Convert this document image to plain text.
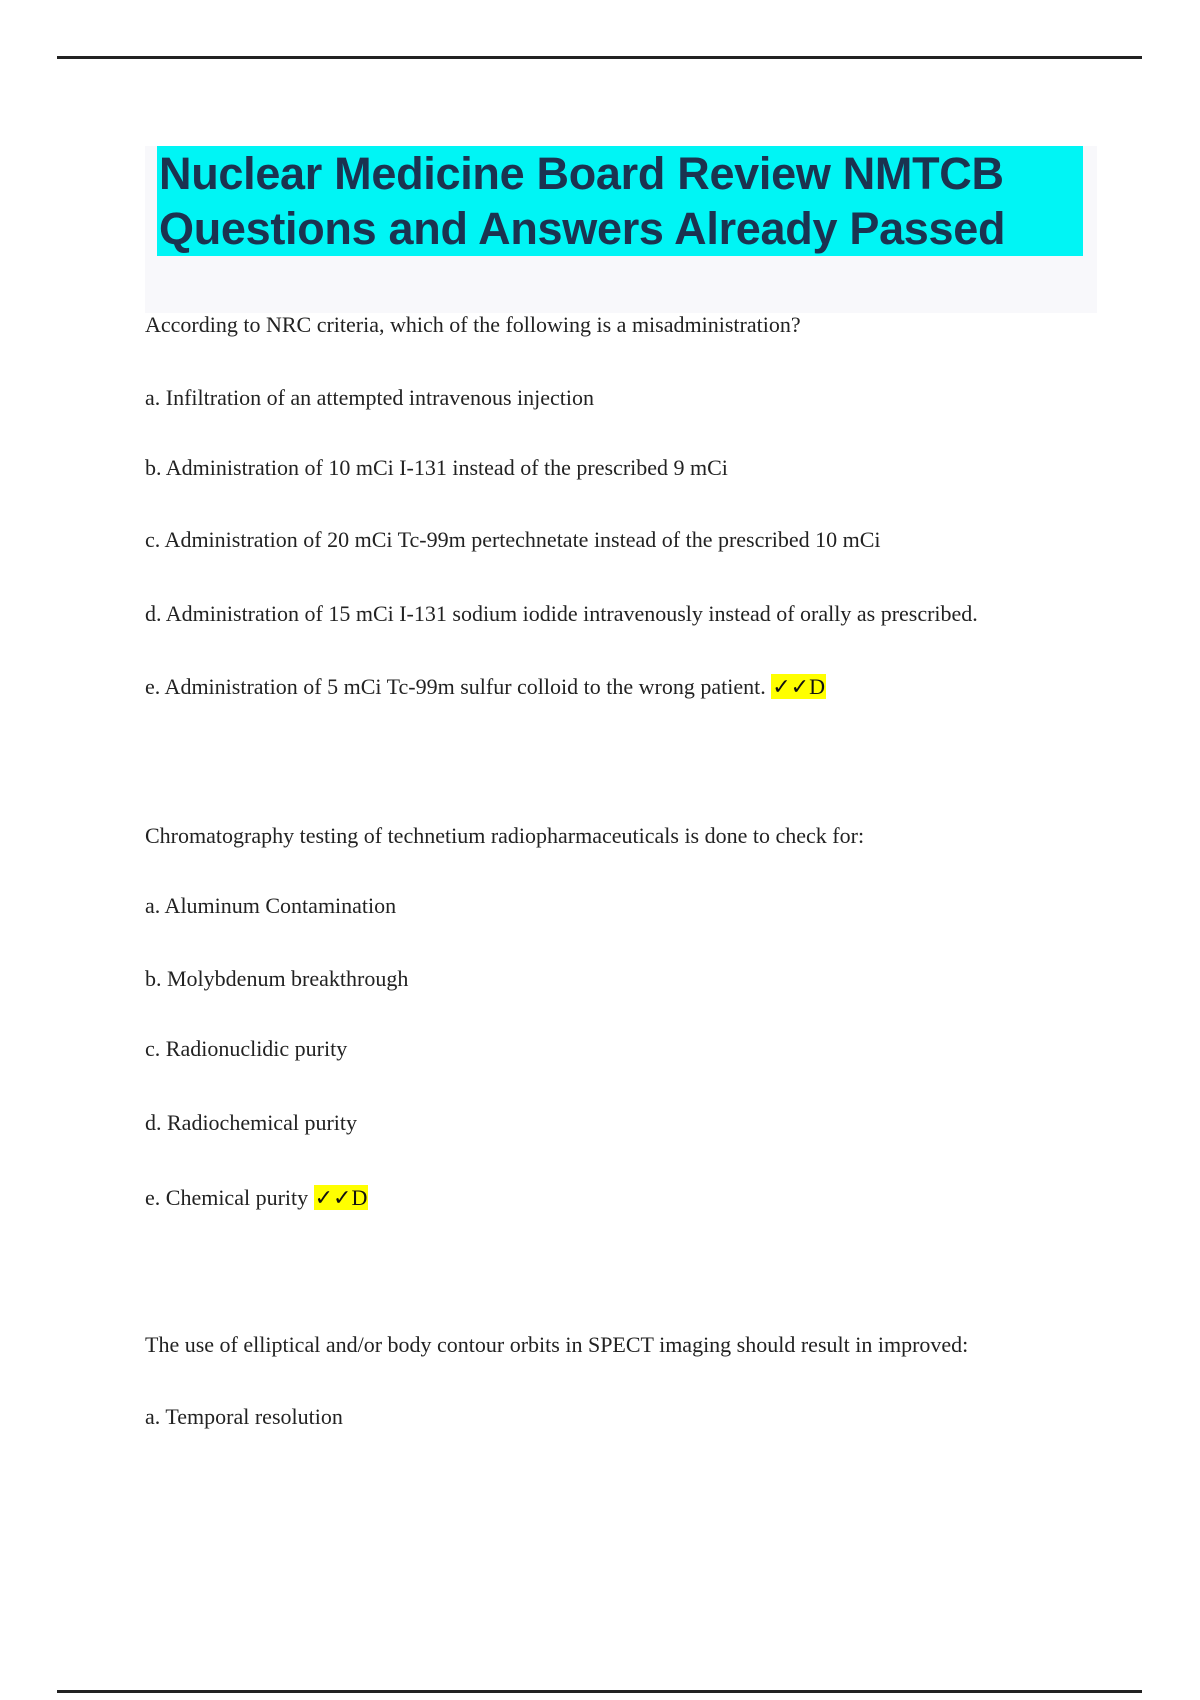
Nuclear Medicine Board Review NMTCB
Questions and Answers Already Passed
According to NRC criteria, which of the following is a misadministration?
a. Infiltration of an attempted intravenous injection
b. Administration of 10 mCi I-131 instead of the prescribed 9 mCi
c. Administration of 20 mCi Tc-99m pertechnetate instead of the prescribed 10 mCi
d. Administration of 15 mCi I-131 sodium iodide intravenously instead of orally as prescribed.
e. Administration of 5 mCi Tc-99m sulfur colloid to the wrong patient. ✓✓D
Chromatography testing of technetium radiopharmaceuticals is done to check for:
a. Aluminum Contamination
b. Molybdenum breakthrough
c. Radionuclidic purity
d. Radiochemical purity
e. Chemical purity ✓✓D
The use of elliptical and/or body contour orbits in SPECT imaging should result in improved:
a. Temporal resolution
